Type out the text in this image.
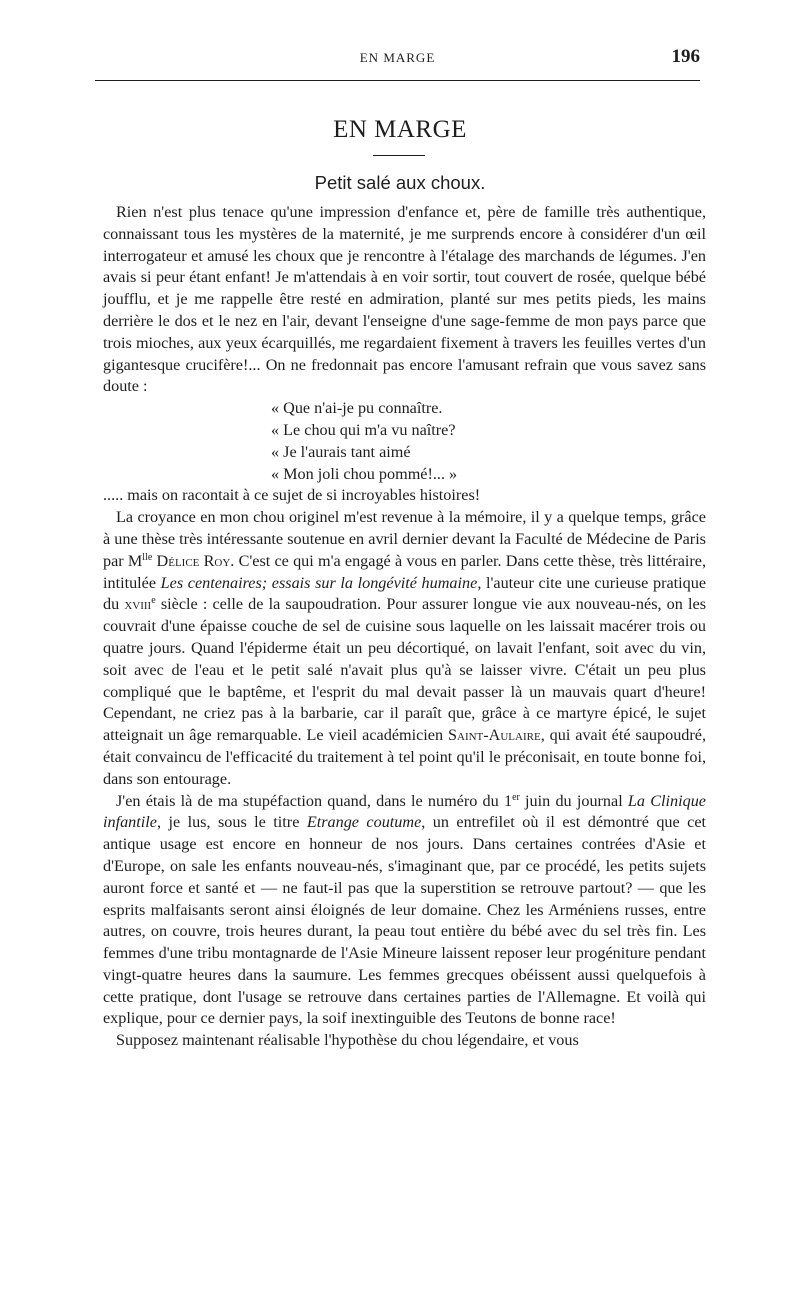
EN MARGE	196
EN MARGE
Petit salé aux choux.

Rien n'est plus tenace qu'une impression d'enfance et, père de famille très authentique, connaissant tous les mystères de la maternité, je me surprends encore à considérer d'un œil interrogateur et amusé les choux que je rencontre à l'étalage des marchands de légumes. J'en avais si peur étant enfant! Je m'attendais à en voir sortir, tout couvert de rosée, quelque bébé joufflu, et je me rappelle être resté en admiration, planté sur mes petits pieds, les mains derrière le dos et le nez en l'air, devant l'enseigne d'une sage-femme de mon pays parce que trois mioches, aux yeux écarquillés, me regardaient fixement à travers les feuilles vertes d'un gigantesque crucifère!... On ne fredonnait pas encore l'amusant refrain que vous savez sans doute :

« Que n'ai-je pu connaître.

« Le chou qui m'a vu naître?

« Je l'aurais tant aimé

« Mon joli chou pommé!... »

..... mais on racontait à ce sujet de si incroyables histoires!

La croyance en mon chou originel m'est revenue à la mémoire, il y a quelque temps, grâce à une thèse très intéressante soutenue en avril dernier devant la Faculté de Médecine de Paris par $M^{lle}$ Délice Roy. C'est ce qui m'a engagé à vous en parler. Dans cette thèse, très littéraire, intitulée Les centenaires; essais sur la longévité humaine, l'auteur cite une curieuse pratique du xviii$^e$ siècle : celle de la saupoudration. Pour assurer longue vie aux nouveau-nés, on les couvrait d'une épaisse couche de sel de cuisine sous laquelle on les laissait macérer trois ou quatre jours. Quand l'épiderme était un peu décortiqué, on lavait l'enfant, soit avec du vin, soit avec de l'eau et le petit salé n'avait plus qu'à se laisser vivre. C'était un peu plus compliqué que le baptême, et l'esprit du mal devait passer là un mauvais quart d'heure! Cependant, ne criez pas à la barbarie, car il paraît que, grâce à ce martyre épicé, le sujet atteignait un âge remarquable. Le vieil académicien Saint-Aulaire, qui avait été saupoudré, était convaincu de l'efficacité du traitement à tel point qu'il le préconisait, en toute bonne foi, dans son entourage.

J'en étais là de ma stupéfaction quand, dans le numéro du 1er juin du journal La Clinique infantile, je lus, sous le titre Etrange coutume, un entrefilet où il est démontré que cet antique usage est encore en honneur de nos jours. Dans certaines contrées d'Asie et d'Europe, on sale les enfants nouveau-nés, s'imaginant que, par ce procédé, les petits sujets auront force et santé et — ne faut-il pas que la superstition se retrouve partout? — que les esprits malfaisants seront ainsi éloignés de leur domaine. Chez les Arméniens russes, entre autres, on couvre, trois heures durant, la peau tout entière du bébé avec du sel très fin. Les femmes d'une tribu montagnarde de l'Asie Mineure laissent reposer leur progéniture pendant vingt-quatre heures dans la saumure. Les femmes grecques obéissent aussi quelquefois à cette pratique, dont l'usage se retrouve dans certaines parties de l'Allemagne. Et voilà qui explique, pour ce dernier pays, la soif inextinguible des Teutons de bonne race!

Supposez maintenant réalisable l'hypothèse du chou légendaire, et vous
